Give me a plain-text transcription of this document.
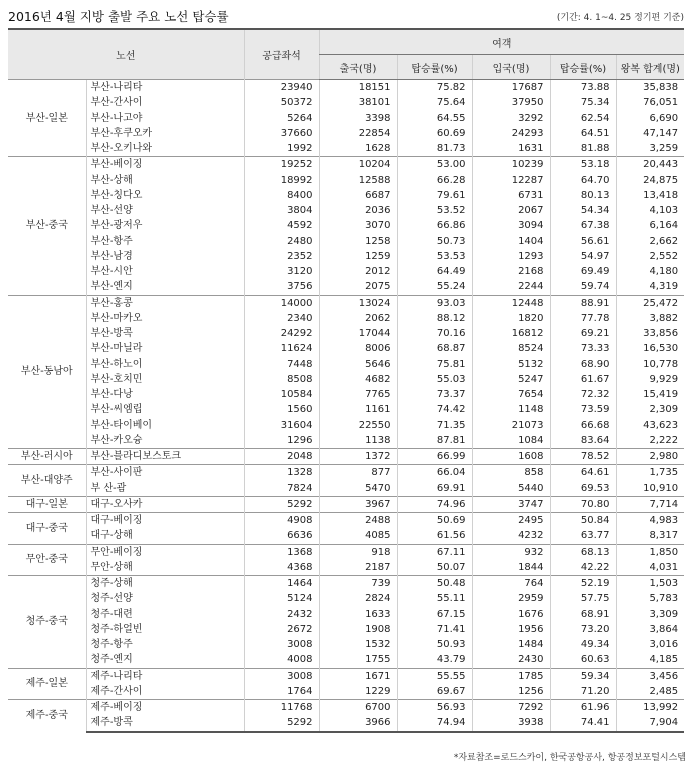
2016년 4월 지방 출발 주요 노선 탑승률	(기간: 4. 1~4. 25 정기편 기준)
노선		공급좌석	여객				
			출국(명)	탑승률(%)	입국(명)	탑승률(%)	왕복 합계(명)
부산-일본	부산-나리타	23940	18151	75.82	17687	73.88	35,838
	부산-간사이	50372	38101	75.64	37950	75.34	76,051
	부산-나고야	5264	3398	64.55	3292	62.54	6,690
	부산-후쿠오카	37660	22854	60.69	24293	64.51	47,147
	부산-오키나와	1992	1628	81.73	1631	81.88	3,259
부산-중국	부산-베이징	19252	10204	53.00	10239	53.18	20,443
	부산-상해	18992	12588	66.28	12287	64.70	24,875
	부산-칭다오	8400	6687	79.61	6731	80.13	13,418
	부산-선양	3804	2036	53.52	2067	54.34	4,103
	부산-광저우	4592	3070	66.86	3094	67.38	6,164
	부산-항주	2480	1258	50.73	1404	56.61	2,662
	부산-남경	2352	1259	53.53	1293	54.97	2,552
	부산-시안	3120	2012	64.49	2168	69.49	4,180
	부산-옌지	3756	2075	55.24	2244	59.74	4,319
부산-동남아	부산-홍콩	14000	13024	93.03	12448	88.91	25,472
	부산-마카오	2340	2062	88.12	1820	77.78	3,882
	부산-방콕	24292	17044	70.16	16812	69.21	33,856
	부산-마닐라	11624	8006	68.87	8524	73.33	16,530
	부산-하노이	7448	5646	75.81	5132	68.90	10,778
	부산-호치민	8508	4682	55.03	5247	61.67	9,929
	부산-다낭	10584	7765	73.37	7654	72.32	15,419
	부산-씨엠립	1560	1161	74.42	1148	73.59	2,309
	부산-타이베이	31604	22550	71.35	21073	66.68	43,623
	부산-카오슝	1296	1138	87.81	1084	83.64	2,222
부산-러시아	부산-블라디보스토크	2048	1372	66.99	1608	78.52	2,980
부산-대양주	부산-사이판	1328	877	66.04	858	64.61	1,735
	부 산-괌	7824	5470	69.91	5440	69.53	10,910
대구-일본	대구-오사카	5292	3967	74.96	3747	70.80	7,714
대구-중국	대구-베이징	4908	2488	50.69	2495	50.84	4,983
	대구-상해	6636	4085	61.56	4232	63.77	8,317
무안-중국	무안-베이징	1368	918	67.11	932	68.13	1,850
	무안-상해	4368	2187	50.07	1844	42.22	4,031
청주-중국	청주-상해	1464	739	50.48	764	52.19	1,503
	청주-선양	5124	2824	55.11	2959	57.75	5,783
	청주-대련	2432	1633	67.15	1676	68.91	3,309
	청주-하얼빈	2672	1908	71.41	1956	73.20	3,864
	청주-항주	3008	1532	50.93	1484	49.34	3,016
	청주-옌지	4008	1755	43.79	2430	60.63	4,185
제주-일본	제주-나리타	3008	1671	55.55	1785	59.34	3,456
	제주-간사이	1764	1229	69.67	1256	71.20	2,485
제주-중국	제주-베이징	11768	6700	56.93	7292	61.96	13,992
	제주-방콕	5292	3966	74.94	3938	74.41	7,904
*자료참조=로드스카이, 한국공항공사, 항공정보포털시스템
